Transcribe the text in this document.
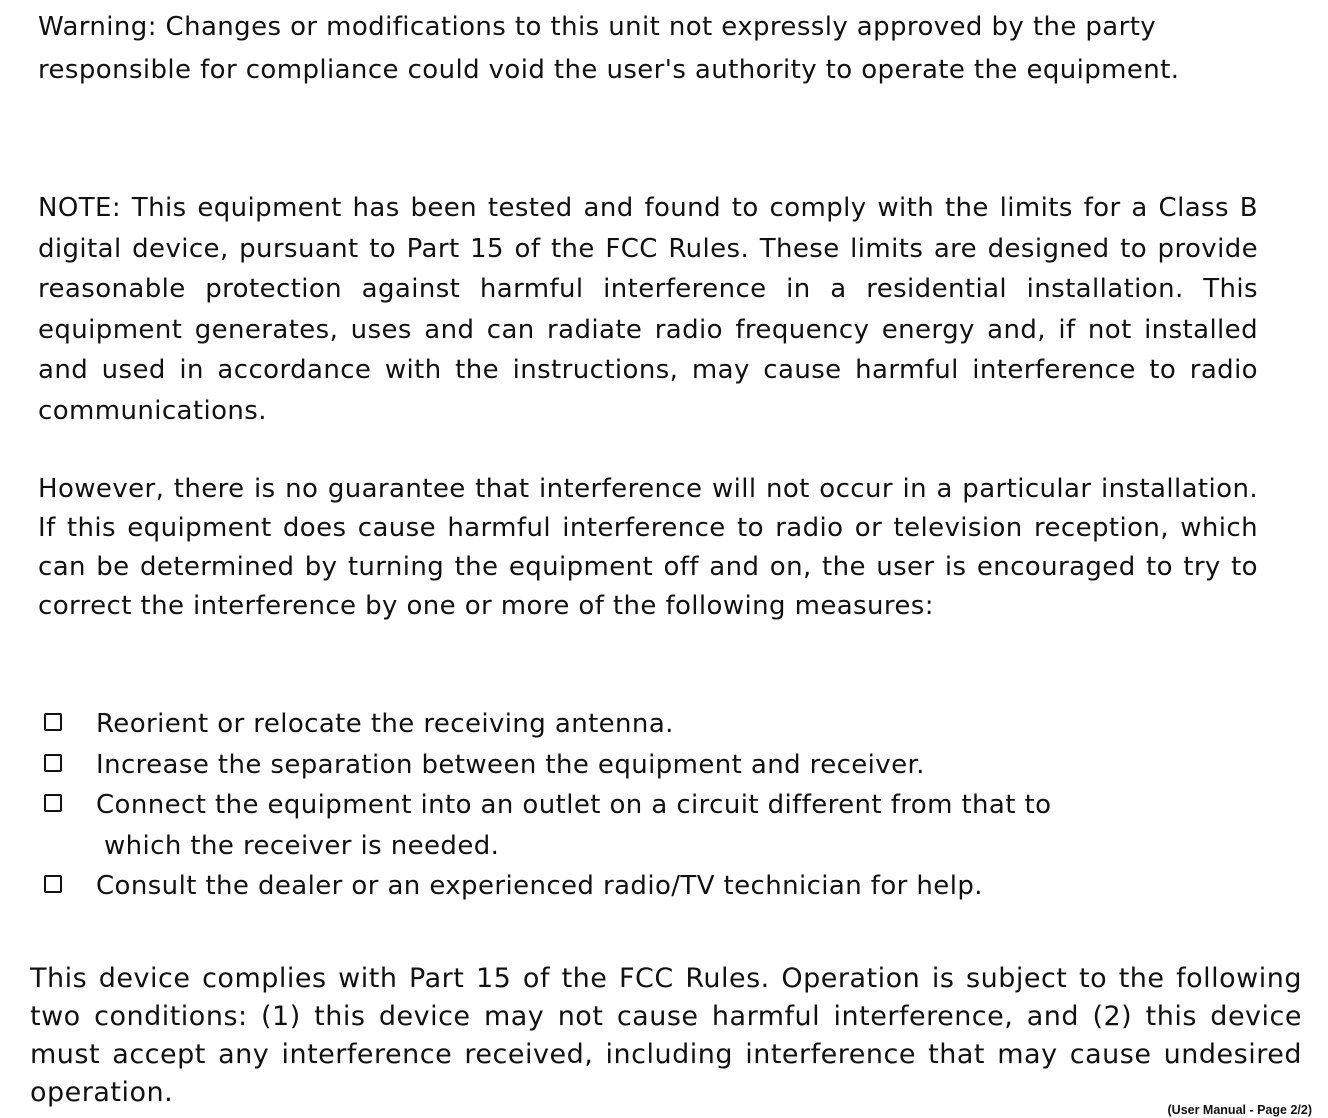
Warning: Changes or modifications to this unit not expressly approved by the party responsible for compliance could void the user's authority to operate the equipment.

NOTE: This equipment has been tested and found to comply with the limits for a Class B digital device, pursuant to Part 15 of the FCC Rules. These limits are designed to provide reasonable protection against harmful interference in a residential installation. This equipment generates, uses and can radiate radio frequency energy and, if not installed and used in accordance with the instructions, may cause harmful interference to radio communications.

However, there is no guarantee that interference will not occur in a particular installation. If this equipment does cause harmful interference to radio or television reception, which can be determined by turning the equipment off and on, the user is encouraged to try to correct the interference by one or more of the following measures:

Reorient or relocate the receiving antenna.
Increase the separation between the equipment and receiver.
Connect the equipment into an outlet on a circuit different from that to
which the receiver is needed.
Consult the dealer or an experienced radio/TV technician for help.

This device complies with Part 15 of the FCC Rules. Operation is subject to the following two conditions: (1) this device may not cause harmful interference, and (2) this device must accept any interference received, including interference that may cause undesired operation.

(User Manual - Page 2/2)
